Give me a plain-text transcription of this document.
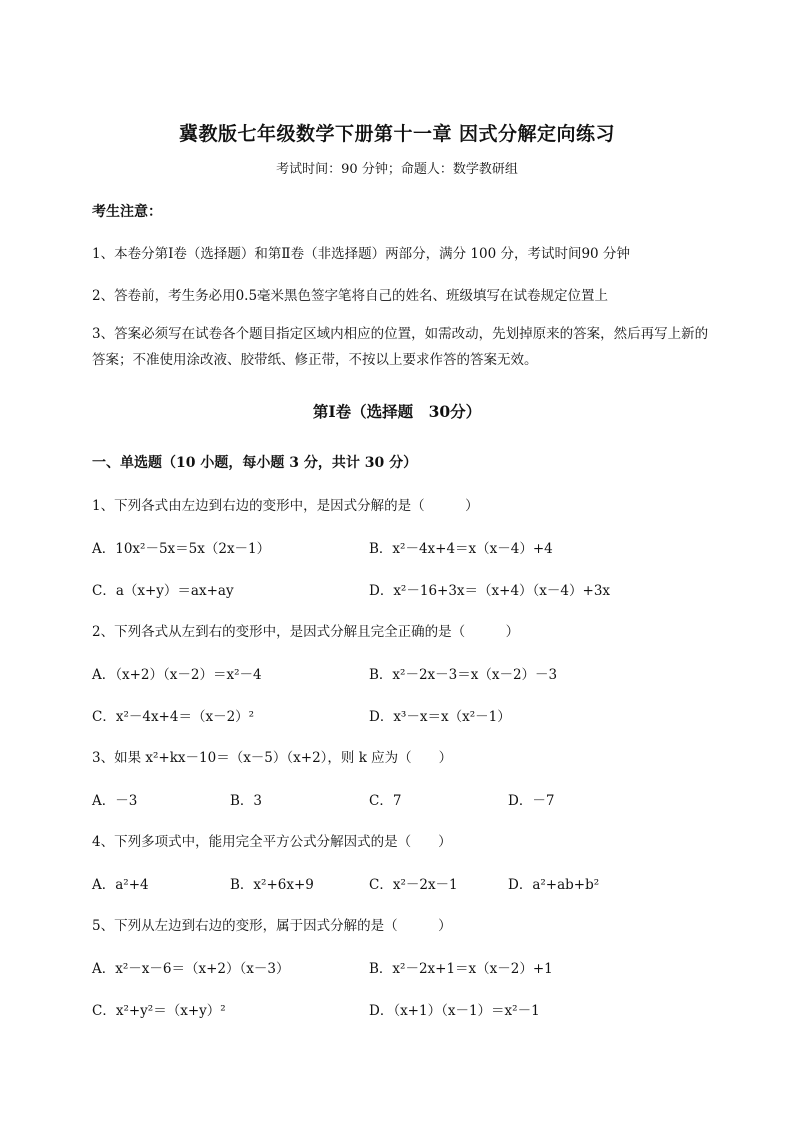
冀教版七年级数学下册第十一章 因式分解定向练习
考试时间：90 分钟；命题人：数学教研组
考生注意：
1、本卷分第Ⅰ卷（选择题）和第Ⅱ卷（非选择题）两部分，满分 100 分，考试时间90 分钟
2、答卷前，考生务必用0.5毫米黑色签字笔将自己的姓名、班级填写在试卷规定位置上
3、答案必须写在试卷各个题目指定区域内相应的位置，如需改动，先划掉原来的答案，然后再写上新的答案；不准使用涂改液、胶带纸、修正带，不按以上要求作答的答案无效。
第Ⅰ卷（选择题　30分）
一、单选题（10 小题，每小题 3 分，共计 30 分）
1、下列各式由左边到右边的变形中，是因式分解的是（　　　）
A．10x²－5x＝5x（2x－1）	B．x²－4x+4＝x（x－4）+4
C．a（x+y）＝ax+ay	D．x²－16+3x＝（x+4）（x－4）+3x
2、下列各式从左到右的变形中，是因式分解且完全正确的是（　　　）
A．（x+2）（x－2）＝x²－4	B．x²－2x－3＝x（x－2）－3
C．x²－4x+4＝（x－2）²	D．x³－x＝x（x²－1）
3、如果 x²+kx－10＝（x－5）（x+2），则 k 应为（　　）
A．－3	B．3	C．7	D．－7
4、下列多项式中，能用完全平方公式分解因式的是（　　）
A．a²+4	B．x²+6x+9	C．x²－2x－1	D．a²+ab+b²
5、下列从左边到右边的变形，属于因式分解的是（　　　）
A．x²－x－6＝（x+2）（x－3）	B．x²－2x+1＝x（x－2）+1
C．x²+y²＝（x+y）²	D．（x+1）（x－1）＝x²－1
